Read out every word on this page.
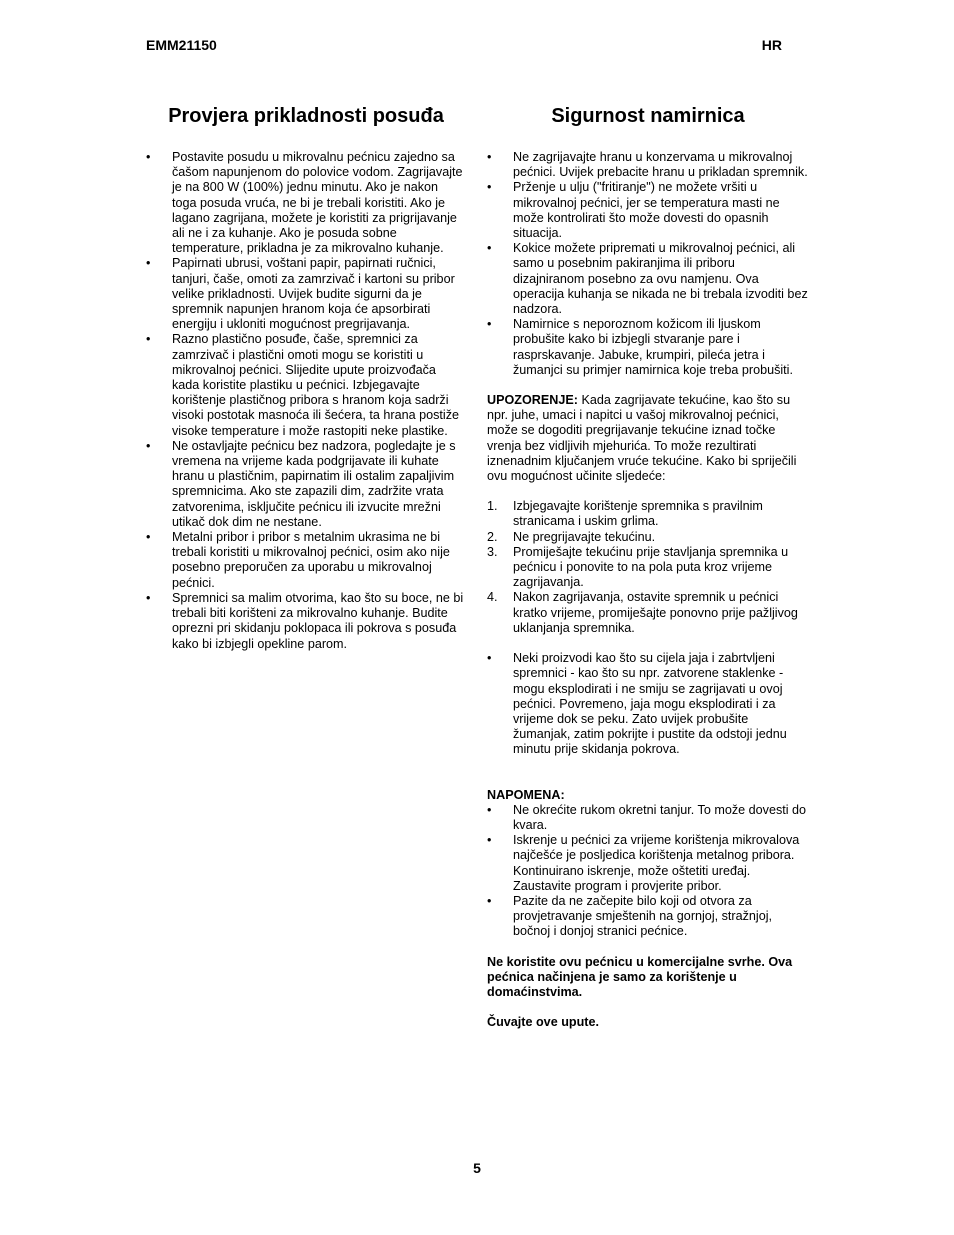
EMM21150	HR
Provjera prikladnosti posuđa
• Postavite posudu u mikrovalnu pećnicu zajedno sa čašom napunjenom do polovice vodom. Zagrijavajte je na 800 W (100%) jednu minutu. Ako je nakon toga posuda vruća, ne bi je trebali koristiti. Ako je lagano zagrijana, možete je koristiti za prigrijavanje ali ne i za kuhanje. Ako je posuda sobne temperature, prikladna je za mikrovalno kuhanje.
• Papirnati ubrusi, voštani papir, papirnati ručnici, tanjuri, čaše, omoti za zamrzivač i kartoni su pribor velike prikladnosti. Uvijek budite sigurni da je spremnik napunjen hranom koja će apsorbirati energiju i ukloniti mogućnost pregrijavanja.
• Razno plastično posuđe, čaše, spremnici za zamrzivač i plastični omoti mogu se koristiti u mikrovalnoj pećnici. Slijedite upute proizvođača kada koristite plastiku u pećnici. Izbjegavajte korištenje plastičnog pribora s hranom koja sadrži visoki postotak masnoća ili šećera, ta hrana postiže visoke temperature i može rastopiti neke plastike.
• Ne ostavljajte pećnicu bez nadzora, pogledajte je s vremena na vrijeme kada podgrijavate ili kuhate hranu u plastičnim, papirnatim ili ostalim zapaljivim spremnicima. Ako ste zapazili dim, zadržite vrata zatvorenima, isključite pećnicu ili izvucite mrežni utikač dok dim ne nestane.
• Metalni pribor i pribor s metalnim ukrasima ne bi trebali koristiti u mikrovalnoj pećnici, osim ako nije posebno preporučen za uporabu u mikrovalnoj pećnici.
• Spremnici sa malim otvorima, kao što su boce, ne bi trebali biti korišteni za mikrovalno kuhanje. Budite oprezni pri skidanju poklopaca ili pokrova s posuđa kako bi izbjegli opekline parom.
Sigurnost namirnica
• Ne zagrijavajte hranu u konzervama u mikrovalnoj pećnici. Uvijek prebacite hranu u prikladan spremnik.
• Prženje u ulju ("fritiranje") ne možete vršiti u mikrovalnoj pećnici, jer se temperatura masti ne može kontrolirati što može dovesti do opasnih situacija.
• Kokice možete pripremati u mikrovalnoj pećnici, ali samo u posebnim pakiranjima ili priboru dizajniranom posebno za ovu namjenu. Ova operacija kuhanja se nikada ne bi trebala izvoditi bez nadzora.
• Namirnice s neporoznom kožicom ili ljuskom probušite kako bi izbjegli stvaranje pare i rasprskavanje. Jabuke, krumpiri, pileća jetra i žumanjci su primjer namirnica koje treba probušiti.

UPOZORENJE: Kada zagrijavate tekućine, kao što su npr. juhe, umaci i napitci u vašoj mikrovalnoj pećnici, može se dogoditi pregrijavanje tekućine iznad točke vrenja bez vidljivih mjehurića. To može rezultirati iznenadnim ključanjem vruće tekućine. Kako bi spriječili ovu mogućnost učinite sljedeće:

1. Izbjegavajte korištenje spremnika s pravilnim stranicama i uskim grlima.
2. Ne pregrijavajte tekućinu.
3. Promiješajte tekućinu prije stavljanja spremnika u pećnicu i ponovite to na pola puta kroz vrijeme zagrijavanja.
4. Nakon zagrijavanja, ostavite spremnik u pećnici kratko vrijeme, promiješajte ponovno prije pažljivog uklanjanja spremnika.
• Neki proizvodi kao što su cijela jaja i zabrtvljeni spremnici - kao što su npr. zatvorene staklenke - mogu eksplodirati i ne smiju se zagrijavati u ovoj pećnici. Povremeno, jaja mogu eksplodirati i za vrijeme dok se peku. Zato uvijek probušite žumanjak, zatim pokrijte i pustite da odstoji jednu minutu prije skidanja pokrova.

NAPOMENA:

• Ne okrećite rukom okretni tanjur. To može dovesti do kvara.
• Iskrenje u pećnici za vrijeme korištenja mikrovalova najčešće je posljedica korištenja metalnog pribora. Kontinuirano iskrenje, može oštetiti uređaj. Zaustavite program i provjerite pribor.
• Pazite da ne začepite bilo koji od otvora za provjetravanje smještenih na gornjoj, stražnjoj, bočnoj i donjoj stranici pećnice.

Ne koristite ovu pećnicu u komercijalne svrhe. Ova pećnica načinjena je samo za korištenje u domaćinstvima.

Čuvajte ove upute.

5
